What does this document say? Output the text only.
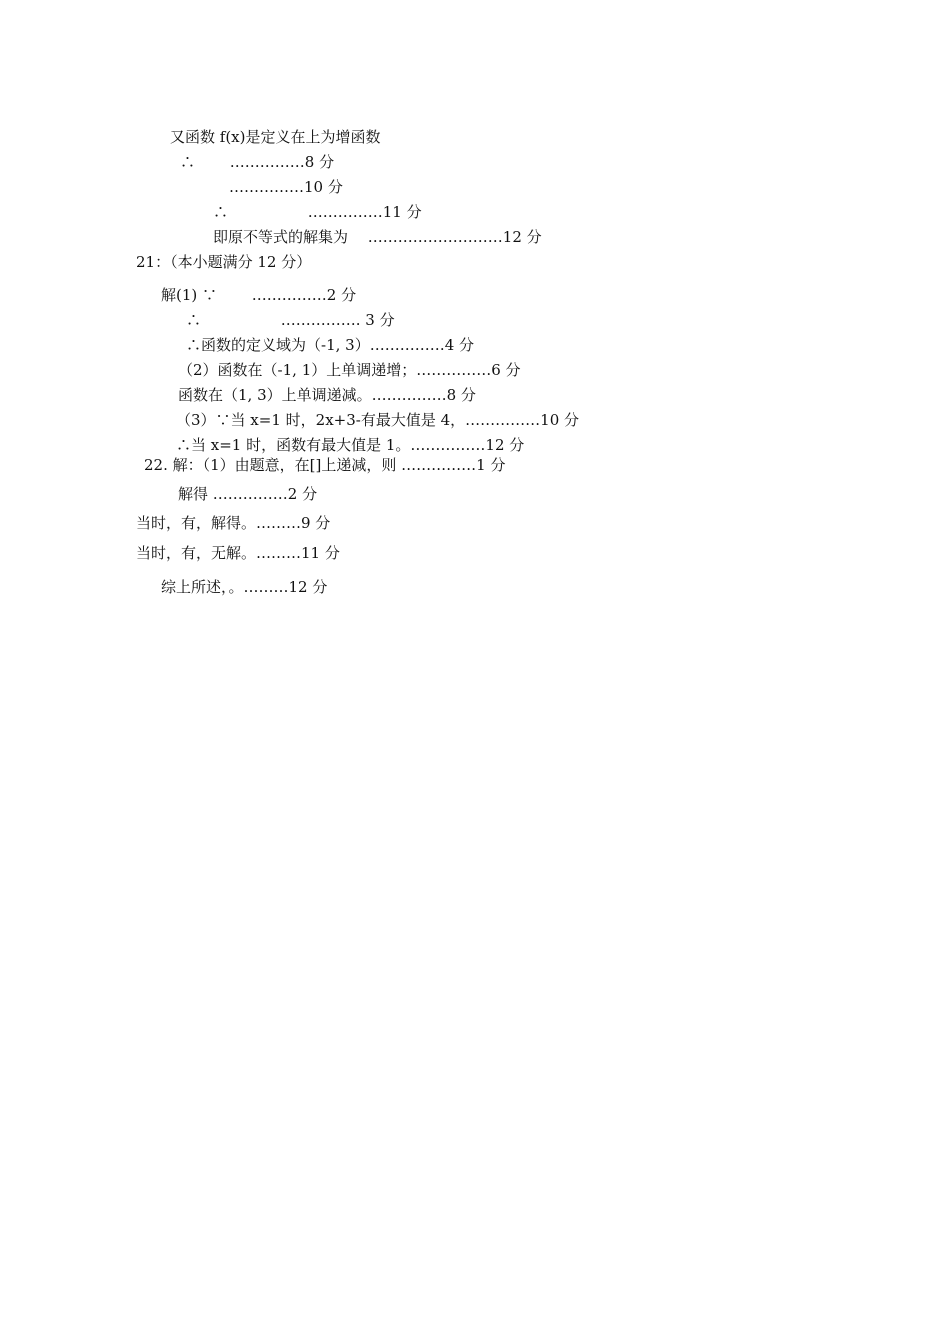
又函数 f(x)是定义在上为增函数
∴　　 ……………8 分
……………10 分
∴　　　　　 ……………11 分
即原不等式的解集为　 ………………………12 分
21：（本小题满分 12 分）
解(1) ∵　　 ……………2 分
∴　　　　　 ……………. 3 分
∴函数的定义域为（-1, 3）……………4 分
（2）函数在（-1, 1）上单调递增；……………6 分
函数在（1, 3）上单调递减。……………8 分
（3）∵当 x=1 时，2x+3-有最大值是 4，……………10 分
∴当 x=1 时，函数有最大值是 1。……………12 分
22. 解：（1）由题意，在[]上递减，则 ……………1 分
解得 ……………2 分
当时，有，解得。………9 分
当时，有，无解。………11 分
综上所述，。………12 分
